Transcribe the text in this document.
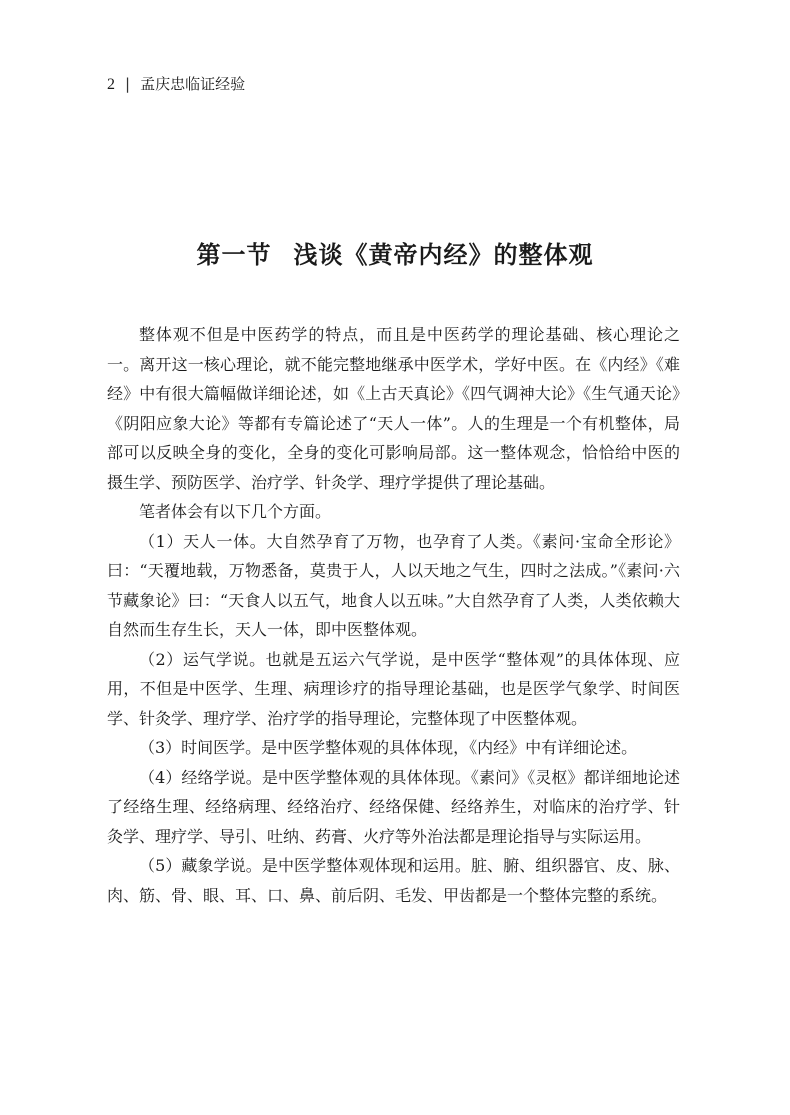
2 | 孟庆忠临证经验
第一节 浅谈《黄帝内经》的整体观

整体观不但是中医药学的特点，而且是中医药学的理论基础、核心理论之一。离开这一核心理论，就不能完整地继承中医学术，学好中医。在《内经》《难经》中有很大篇幅做详细论述，如《上古天真论》《四气调神大论》《生气通天论》《阴阳应象大论》等都有专篇论述了“天人一体”。人的生理是一个有机整体，局部可以反映全身的变化，全身的变化可影响局部。这一整体观念，恰恰给中医的摄生学、预防医学、治疗学、针灸学、理疗学提供了理论基础。

笔者体会有以下几个方面。

（1）天人一体。大自然孕育了万物，也孕育了人类。《素问·宝命全形论》曰：“天覆地载，万物悉备，莫贵于人，人以天地之气生，四时之法成。”《素问·六节藏象论》曰：“天食人以五气，地食人以五味。”大自然孕育了人类，人类依赖大自然而生存生长，天人一体，即中医整体观。

（2）运气学说。也就是五运六气学说，是中医学“整体观”的具体体现、应用，不但是中医学、生理、病理诊疗的指导理论基础，也是医学气象学、时间医学、针灸学、理疗学、治疗学的指导理论，完整体现了中医整体观。

（3）时间医学。是中医学整体观的具体体现，《内经》中有详细论述。

（4）经络学说。是中医学整体观的具体体现。《素问》《灵枢》都详细地论述了经络生理、经络病理、经络治疗、经络保健、经络养生，对临床的治疗学、针灸学、理疗学、导引、吐纳、药膏、火疗等外治法都是理论指导与实际运用。

（5）藏象学说。是中医学整体观体现和运用。脏、腑、组织器官、皮、脉、肉、筋、骨、眼、耳、口、鼻、前后阴、毛发、甲齿都是一个整体完整的系统。
